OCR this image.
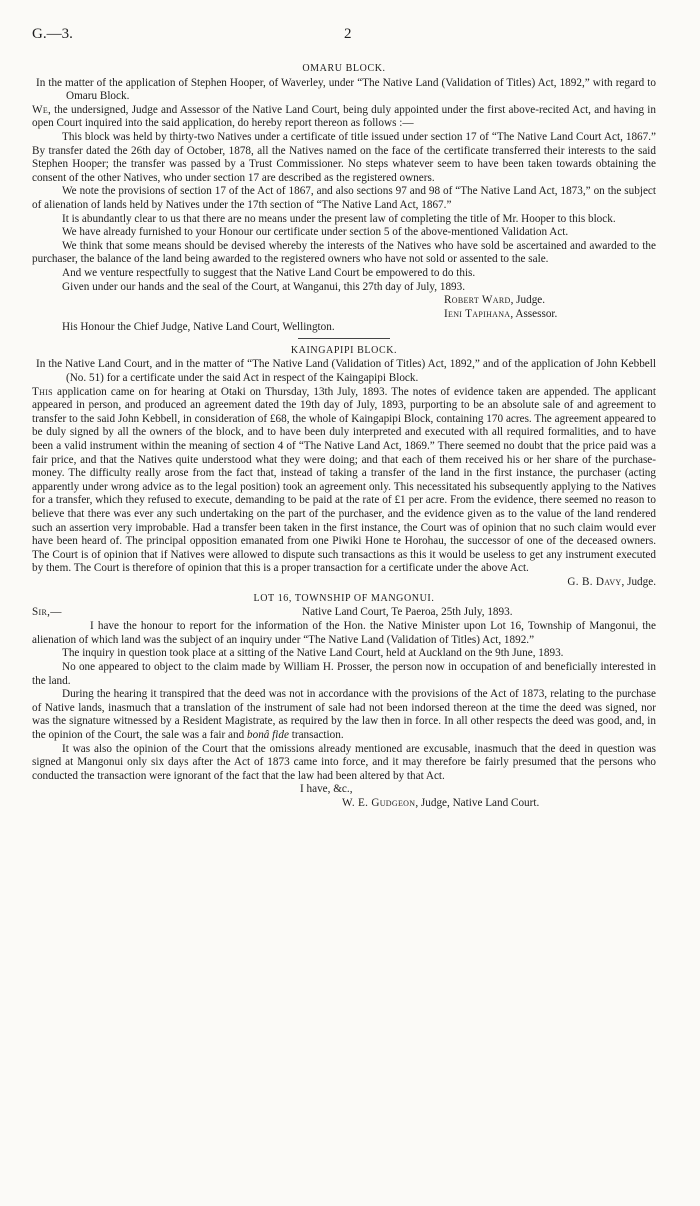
G.—3.	2
OMARU BLOCK.

In the matter of the application of Stephen Hooper, of Waverley, under “The Native Land (Validation of Titles) Act, 1892,” with regard to Omaru Block.

We, the undersigned, Judge and Assessor of the Native Land Court, being duly appointed under the first above-recited Act, and having in open Court inquired into the said application, do hereby report thereon as follows :—

This block was held by thirty-two Natives under a certificate of title issued under section 17 of “The Native Land Court Act, 1867.” By transfer dated the 26th day of October, 1878, all the Natives named on the face of the certificate transferred their interests to the said Stephen Hooper; the transfer was passed by a Trust Commissioner. No steps whatever seem to have been taken towards obtaining the consent of the other Natives, who under section 17 are described as the registered owners.

We note the provisions of section 17 of the Act of 1867, and also sections 97 and 98 of “The Native Land Act, 1873,” on the subject of alienation of lands held by Natives under the 17th section of “The Native Land Act, 1867.”

It is abundantly clear to us that there are no means under the present law of completing the title of Mr. Hooper to this block.

We have already furnished to your Honour our certificate under section 5 of the above-mentioned Validation Act.

We think that some means should be devised whereby the interests of the Natives who have sold be ascertained and awarded to the purchaser, the balance of the land being awarded to the registered owners who have not sold or assented to the sale.

And we venture respectfully to suggest that the Native Land Court be empowered to do this.

Given under our hands and the seal of the Court, at Wanganui, this 27th day of July, 1893.

Robert Ward, Judge.

Ieni Tapihana, Assessor.

His Honour the Chief Judge, Native Land Court, Wellington.

KAINGAPIPI BLOCK.

In the Native Land Court, and in the matter of “The Native Land (Validation of Titles) Act, 1892,” and of the application of John Kebbell (No. 51) for a certificate under the said Act in respect of the Kaingapipi Block.

This application came on for hearing at Otaki on Thursday, 13th July, 1893. The notes of evidence taken are appended. The applicant appeared in person, and produced an agreement dated the 19th day of July, 1893, purporting to be an absolute sale of and agreement to transfer to the said John Kebbell, in consideration of £68, the whole of Kaingapipi Block, containing 170 acres. The agreement appeared to be duly signed by all the owners of the block, and to have been duly interpreted and executed with all required formalities, and to have been a valid instrument within the meaning of section 4 of “The Native Land Act, 1869.” There seemed no doubt that the price paid was a fair price, and that the Natives quite understood what they were doing; and that each of them received his or her share of the purchase-money. The difficulty really arose from the fact that, instead of taking a transfer of the land in the first instance, the purchaser (acting apparently under wrong advice as to the legal position) took an agreement only. This necessitated his subsequently applying to the Natives for a transfer, which they refused to execute, demanding to be paid at the rate of £1 per acre. From the evidence, there seemed no reason to believe that there was ever any such undertaking on the part of the purchaser, and the evidence given as to the value of the land rendered such an assertion very improbable. Had a transfer been taken in the first instance, the Court was of opinion that no such claim would ever have been heard of. The principal opposition emanated from one Piwiki Hone te Horohau, the successor of one of the deceased owners. The Court is of opinion that if Natives were allowed to dispute such transactions as this it would be useless to get any instrument executed by them. The Court is therefore of opinion that this is a proper transaction for a certificate under the above Act.

G. B. Davy, Judge.

LOT 16, TOWNSHIP OF MANGONUI.
Sir,—	Native Land Court, Te Paeroa, 25th July, 1893.

I have the honour to report for the information of the Hon. the Native Minister upon Lot 16, Township of Mangonui, the alienation of which land was the subject of an inquiry under “The Native Land (Validation of Titles) Act, 1892.”

The inquiry in question took place at a sitting of the Native Land Court, held at Auckland on the 9th June, 1893.

No one appeared to object to the claim made by William H. Prosser, the person now in occupation of and beneficially interested in the land.

During the hearing it transpired that the deed was not in accordance with the provisions of the Act of 1873, relating to the purchase of Native lands, inasmuch that a translation of the instrument of sale had not been indorsed thereon at the time the deed was signed, nor was the signature witnessed by a Resident Magistrate, as required by the law then in force. In all other respects the deed was good, and, in the opinion of the Court, the sale was a fair and bonâ fide transaction.

It was also the opinion of the Court that the omissions already mentioned are excusable, inasmuch that the deed in question was signed at Mangonui only six days after the Act of 1873 came into force, and it may therefore be fairly presumed that the persons who conducted the transaction were ignorant of the fact that the law had been altered by that Act.

I have, &c.,

W. E. Gudgeon, Judge, Native Land Court.
